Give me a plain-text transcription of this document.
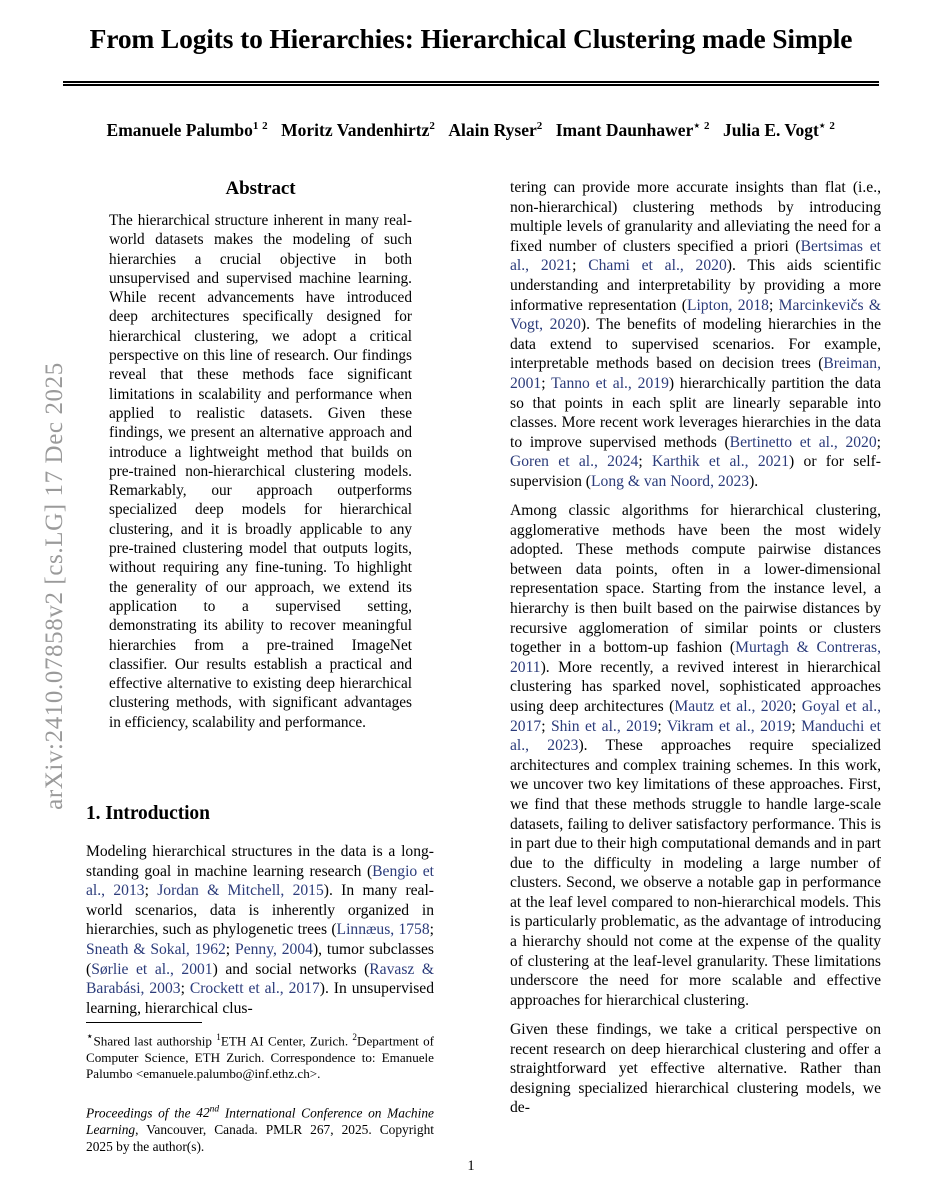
arXiv:2410.07858v2 [cs.LG] 17 Dec 2025
From Logits to Hierarchies: Hierarchical Clustering made Simple
Emanuele Palumbo$^{1 2}$ Moritz Vandenhirtz$^2$ Alain Ryser$^2$ Imant Daunhawer$^{⋆ 2}$ Julia E. Vogt$^{⋆ 2}$
Abstract
The hierarchical structure inherent in many real-world datasets makes the modeling of such hierarchies a crucial objective in both unsupervised and supervised machine learning. While recent advancements have introduced deep architectures specifically designed for hierarchical clustering, we adopt a critical perspective on this line of research. Our findings reveal that these methods face significant limitations in scalability and performance when applied to realistic datasets. Given these findings, we present an alternative approach and introduce a lightweight method that builds on pre-trained non-hierarchical clustering models. Remarkably, our approach outperforms specialized deep models for hierarchical clustering, and it is broadly applicable to any pre-trained clustering model that outputs logits, without requiring any fine-tuning. To highlight the generality of our approach, we extend its application to a supervised setting, demonstrating its ability to recover meaningful hierarchies from a pre-trained ImageNet classifier. Our results establish a practical and effective alternative to existing deep hierarchical clustering methods, with significant advantages in efficiency, scalability and performance.
1. Introduction

Modeling hierarchical structures in the data is a long-standing goal in machine learning research (Bengio et al., 2013; Jordan & Mitchell, 2015). In many real-world scenarios, data is inherently organized in hierarchies, such as phylogenetic trees (Linnæus, 1758; Sneath & Sokal, 1962; Penny, 2004), tumor subclasses (Sørlie et al., 2001) and social networks (Ravasz & Barabási, 2003; Crockett et al., 2017). In unsupervised learning, hierarchical clus-

⋆Shared last authorship $^1$ETH AI Center, Zurich. $^2$Department of Computer Science, ETH Zurich. Correspondence to: Emanuele Palumbo <emanuele.palumbo@inf.ethz.ch>.

Proceedings of the 42nd International Conference on Machine Learning, Vancouver, Canada. PMLR 267, 2025. Copyright 2025 by the author(s).

tering can provide more accurate insights than flat (i.e., non-hierarchical) clustering methods by introducing multiple levels of granularity and alleviating the need for a fixed number of clusters specified a priori (Bertsimas et al., 2021; Chami et al., 2020). This aids scientific understanding and interpretability by providing a more informative representation (Lipton, 2018; Marcinkevičs & Vogt, 2020). The benefits of modeling hierarchies in the data extend to supervised scenarios. For example, interpretable methods based on decision trees (Breiman, 2001; Tanno et al., 2019) hierarchically partition the data so that points in each split are linearly separable into classes. More recent work leverages hierarchies in the data to improve supervised methods (Bertinetto et al., 2020; Goren et al., 2024; Karthik et al., 2021) or for self-supervision (Long & van Noord, 2023).

Among classic algorithms for hierarchical clustering, agglomerative methods have been the most widely adopted. These methods compute pairwise distances between data points, often in a lower-dimensional representation space. Starting from the instance level, a hierarchy is then built based on the pairwise distances by recursive agglomeration of similar points or clusters together in a bottom-up fashion (Murtagh & Contreras, 2011). More recently, a revived interest in hierarchical clustering has sparked novel, sophisticated approaches using deep architectures (Mautz et al., 2020; Goyal et al., 2017; Shin et al., 2019; Vikram et al., 2019; Manduchi et al., 2023). These approaches require specialized architectures and complex training schemes. In this work, we uncover two key limitations of these approaches. First, we find that these methods struggle to handle large-scale datasets, failing to deliver satisfactory performance. This is in part due to their high computational demands and in part due to the difficulty in modeling a large number of clusters. Second, we observe a notable gap in performance at the leaf level compared to non-hierarchical models. This is particularly problematic, as the advantage of introducing a hierarchy should not come at the expense of the quality of clustering at the leaf-level granularity. These limitations underscore the need for more scalable and effective approaches for hierarchical clustering.

Given these findings, we take a critical perspective on recent research on deep hierarchical clustering and offer a straightforward yet effective alternative. Rather than designing specialized hierarchical clustering models, we de-

1
